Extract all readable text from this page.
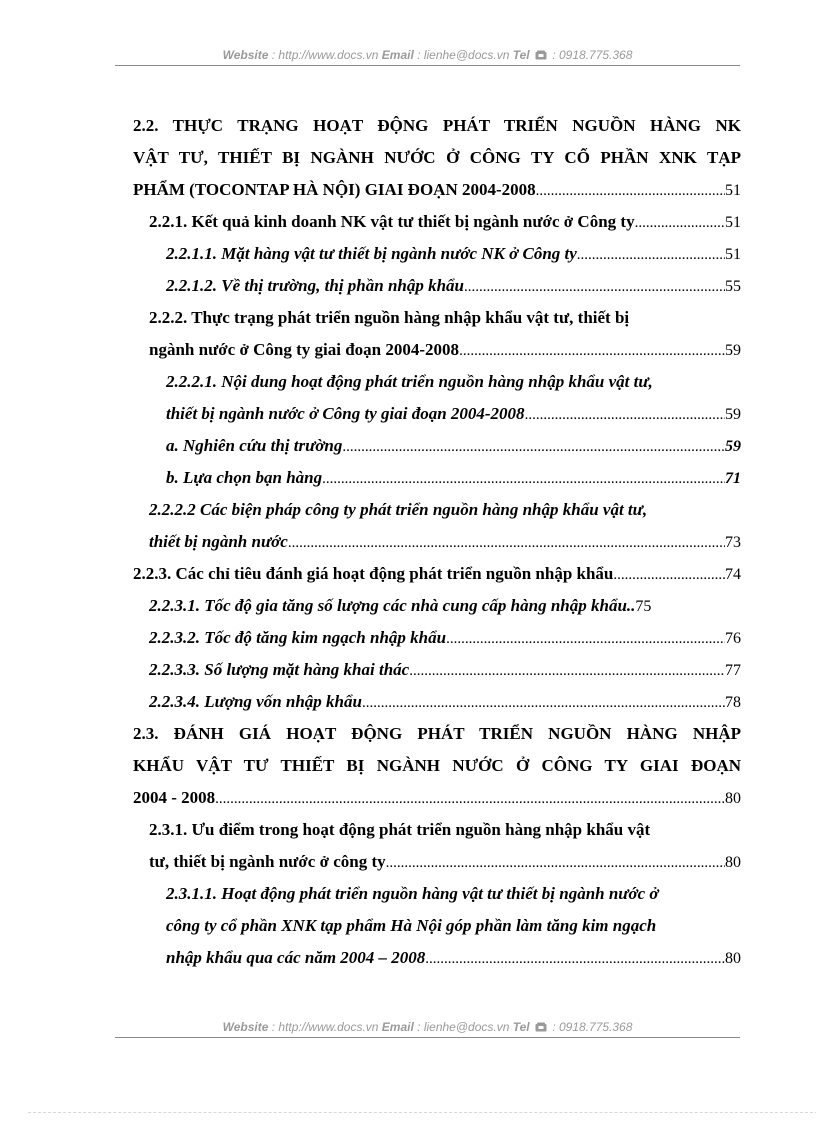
Website : http://www.docs.vn Email : lienhe@docs.vn Tel : 0918.775.368
2.2. THỰC TRẠNG HOẠT ĐỘNG PHÁT TRIỂN NGUỒN HÀNG NK
VẬT TƯ, THIẾT BỊ NGÀNH NƯỚC Ở CÔNG TY CỔ PHẦN XNK TẠP
PHẨM (TOCONTAP HÀ NỘI) GIAI ĐOẠN 2004-2008 .....	51
2.2.1. Kết quả kinh doanh NK vật tư thiết bị ngành nước ở Công ty .....	51
2.2.1.1. Mặt hàng vật tư thiết bị ngành nước NK ở Công ty .....	51
2.2.1.2. Về thị trường, thị phần nhập khẩu .....	55
2.2.2. Thực trạng phát triển nguồn hàng nhập khẩu vật tư, thiết bị
ngành nước ở Công ty giai đoạn 2004-2008 .....	59
2.2.2.1. Nội dung hoạt động phát triển nguồn hàng nhập khẩu vật tư,
thiết bị ngành nước ở Công ty giai đoạn 2004-2008 .....	59
a. Nghiên cứu thị trường .....	59
b. Lựa chọn bạn hàng .....	71
2.2.2.2 Các biện pháp công ty phát triển nguồn hàng nhập khẩu vật tư,
thiết bị ngành nước .....	73
2.2.3. Các chỉ tiêu đánh giá hoạt động phát triển nguồn nhập khẩu .....	74
2.2.3.1. Tốc độ gia tăng số lượng các nhà cung cấp hàng nhập khẩu.. 75
2.2.3.2. Tốc độ tăng kim ngạch nhập khẩu .....	76
2.2.3.3. Số lượng mặt hàng khai thác .....	77
2.2.3.4. Lượng vốn nhập khẩu .....	78
2.3. ĐÁNH GIÁ HOẠT ĐỘNG PHÁT TRIỂN NGUỒN HÀNG NHẬP
KHẨU VẬT TƯ THIẾT BỊ NGÀNH NƯỚC Ở CÔNG TY GIAI ĐOẠN
2004 - 2008 .....	80
2.3.1. Ưu điểm trong hoạt động phát triển nguồn hàng nhập khẩu vật
tư, thiết bị ngành nước ở công ty .....	80
2.3.1.1. Hoạt động phát triển nguồn hàng vật tư thiết bị ngành nước ở
công ty cổ phần XNK tạp phẩm Hà Nội góp phần làm tăng kim ngạch
nhập khẩu qua các năm 2004 – 2008 .....	80
Website : http://www.docs.vn Email : lienhe@docs.vn Tel : 0918.775.368
